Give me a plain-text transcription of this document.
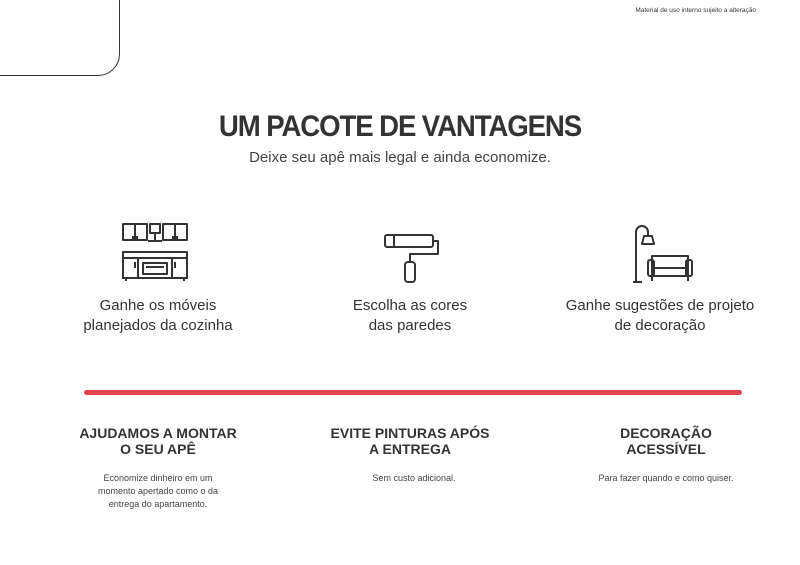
Material de uso interno sujeito a alteração
UM PACOTE DE VANTAGENS
Deixe seu apê mais legal e ainda economize.
Ganhe os móveis
planejados da cozinha
Escolha as cores
das paredes
Ganhe sugestões de projeto
de decoração
AJUDAMOS A MONTAR
O SEU APÊ
Economize dinheiro em um
momento apertado como o da
entrega do apartamento.
EVITE PINTURAS APÓS
A ENTREGA
Sem custo adicional.
DECORAÇÃO
ACESSÍVEL
Para fazer quando e como quiser.
